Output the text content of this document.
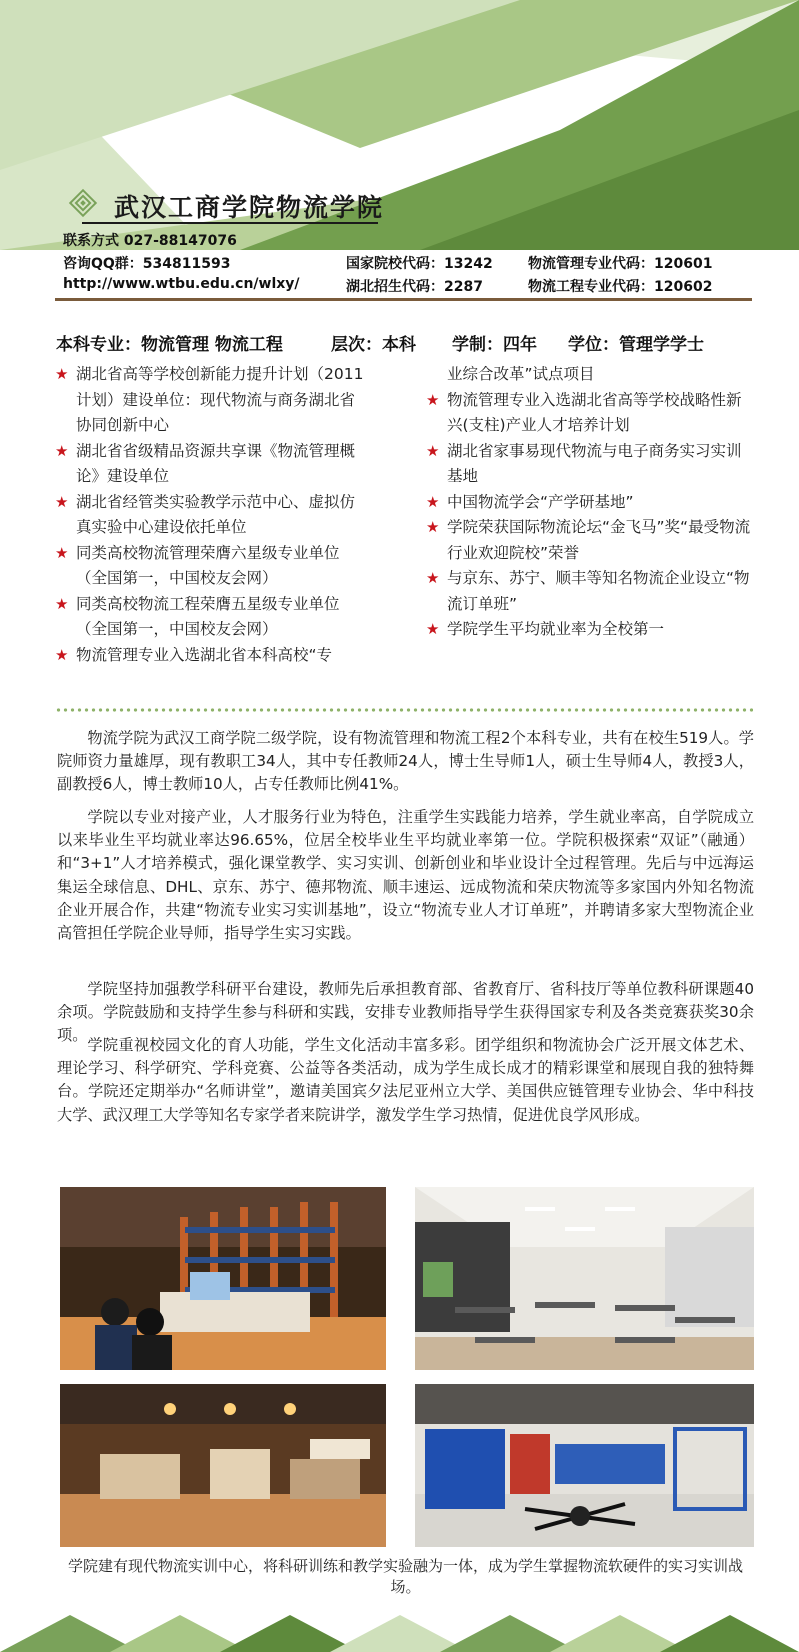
武汉工商学院物流学院
联系方式 027-88147076
咨询QQ群：534811593
http://www.wtbu.edu.cn/wlxy/
国家院校代码：13242
湖北招生代码：2287
物流管理专业代码：120601
物流工程专业代码：120602
本科专业：物流管理 物流工程	层次：本科 学制：四年 学位：管理学学士
★ 湖北省高等学校创新能力提升计划（2011计划）建设单位：现代物流与商务湖北省协同创新中心
★ 湖北省省级精品资源共享课《物流管理概论》建设单位
★ 湖北省经管类实验教学示范中心、虚拟仿真实验中心建设依托单位
★ 同类高校物流管理荣膺六星级专业单位（全国第一，中国校友会网）
★ 同类高校物流工程荣膺五星级专业单位（全国第一，中国校友会网）
★ 物流管理专业入选湖北省本科高校“专
业综合改革”试点项目
★ 物流管理专业入选湖北省高等学校战略性新兴(支柱)产业人才培养计划
★ 湖北省家事易现代物流与电子商务实习实训基地
★ 中国物流学会“产学研基地”
★ 学院荣获国际物流论坛“金飞马”奖“最受物流行业欢迎院校”荣誉
★ 与京东、苏宁、顺丰等知名物流企业设立“物流订单班”
★ 学院学生平均就业率为全校第一

物流学院为武汉工商学院二级学院，设有物流管理和物流工程2个本科专业，共有在校生519人。学院师资力量雄厚，现有教职工34人，其中专任教师24人，博士生导师1人，硕士生导师4人，教授3人，副教授6人，博士教师10人，占专任教师比例41%。

学院以专业对接产业，人才服务行业为特色，注重学生实践能力培养，学生就业率高，自学院成立以来毕业生平均就业率达96.65%，位居全校毕业生平均就业率第一位。学院积极探索“双证”（融通）和“3+1”人才培养模式，强化课堂教学、实习实训、创新创业和毕业设计全过程管理。先后与中远海运集运全球信息、DHL、京东、苏宁、德邦物流、顺丰速运、远成物流和荣庆物流等多家国内外知名物流企业开展合作，共建“物流专业实习实训基地”，设立“物流专业人才订单班”，并聘请多家大型物流企业高管担任学院企业导师，指导学生实习实践。

学院坚持加强教学科研平台建设，教师先后承担教育部、省教育厅、省科技厅等单位教科研课题40余项。学院鼓励和支持学生参与科研和实践，安排专业教师指导学生获得国家专利及各类竞赛获奖30余项。

学院重视校园文化的育人功能，学生文化活动丰富多彩。团学组织和物流协会广泛开展文体艺术、理论学习、科学研究、学科竞赛、公益等各类活动，成为学生成长成才的精彩课堂和展现自我的独特舞台。学院还定期举办“名师讲堂”，邀请美国宾夕法尼亚州立大学、美国供应链管理专业协会、华中科技大学、武汉理工大学等知名专家学者来院讲学，激发学生学习热情，促进优良学风形成。

学院建有现代物流实训中心，将科研训练和教学实验融为一体，成为学生掌握物流软硬件的实习实训战场。
